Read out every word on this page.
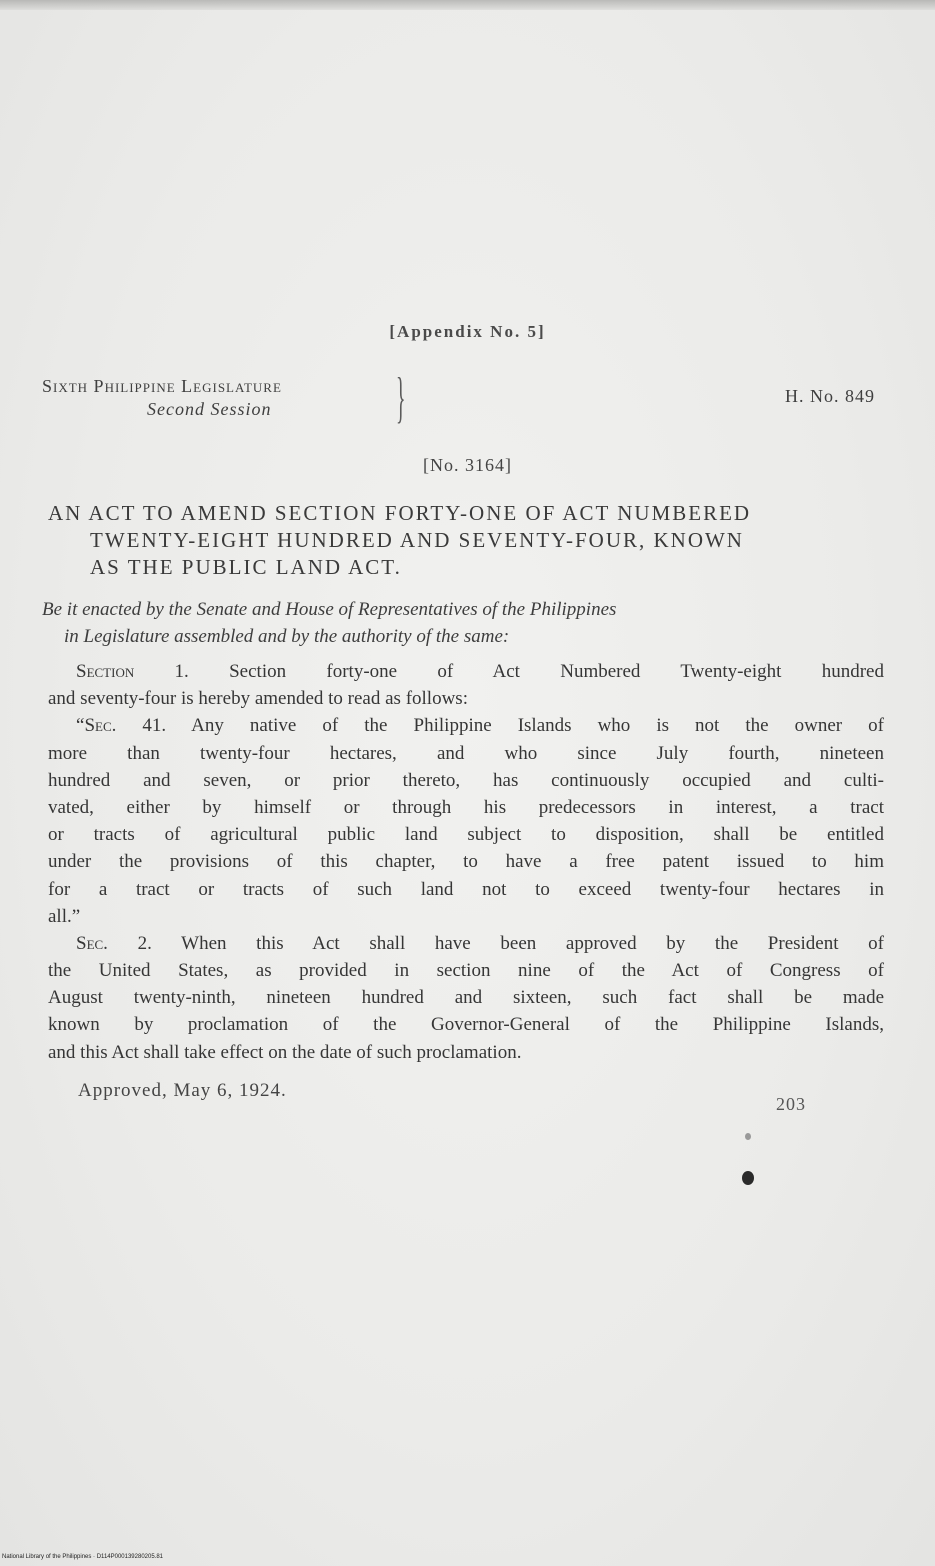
[Appendix No. 5]
Sixth Philippine Legislature
Second Session	}	H. No. 849
[No. 3164]
AN ACT TO AMEND SECTION FORTY-ONE OF ACT NUMBERED
TWENTY-EIGHT HUNDRED AND SEVENTY-FOUR, KNOWN
AS THE PUBLIC LAND ACT.
Be it enacted by the Senate and House of Representatives of the Philippines
in Legislature assembled and by the authority of the same:
Section 1. Section forty-one of Act Numbered Twenty-eight hundred
and seventy-four is hereby amended to read as follows:
“Sec. 41. Any native of the Philippine Islands who is not the owner of
more than twenty-four hectares, and who since July fourth, nineteen
hundred and seven, or prior thereto, has continuously occupied and culti-
vated, either by himself or through his predecessors in interest, a tract
or tracts of agricultural public land subject to disposition, shall be entitled
under the provisions of this chapter, to have a free patent issued to him
for a tract or tracts of such land not to exceed twenty-four hectares in
all.”
Sec. 2. When this Act shall have been approved by the President of
the United States, as provided in section nine of the Act of Congress of
August twenty-ninth, nineteen hundred and sixteen, such fact shall be made
known by proclamation of the Governor-General of the Philippine Islands,
and this Act shall take effect on the date of such proclamation.
Approved, May 6, 1924.
203
National Library of the Philippines · D114P000139280205.81
